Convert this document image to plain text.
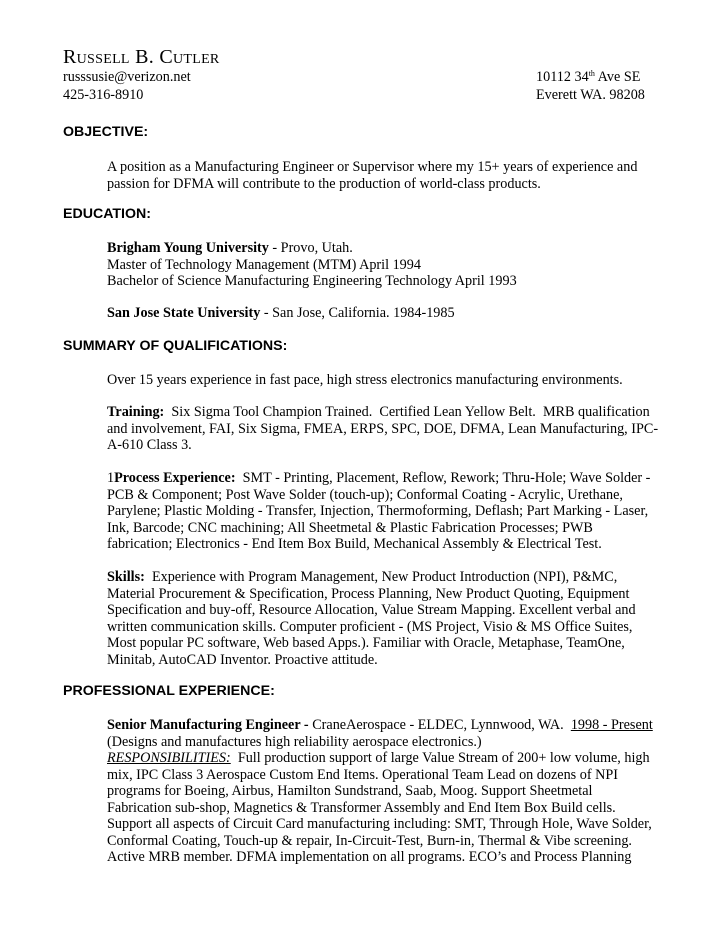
Russell B. Cutler
russsusie@verizon.net
425-316-8910
10112 34th Ave SE
Everett WA. 98208
OBJECTIVE:

A position as a Manufacturing Engineer or Supervisor where my 15+ years of experience and

passion for DFMA will contribute to the production of world-class products.

EDUCATION:

Brigham Young University - Provo, Utah.

Master of Technology Management (MTM) April 1994

Bachelor of Science Manufacturing Engineering Technology April 1993

San Jose State University - San Jose, California. 1984-1985

SUMMARY OF QUALIFICATIONS:

Over 15 years experience in fast pace, high stress electronics manufacturing environments.

Training:  Six Sigma Tool Champion Trained.  Certified Lean Yellow Belt.  MRB qualification

and involvement, FAI, Six Sigma, FMEA, ERPS, SPC, DOE, DFMA, Lean Manufacturing, IPC-

A-610 Class 3.

1Process Experience:  SMT - Printing, Placement, Reflow, Rework; Thru-Hole; Wave Solder -

PCB & Component; Post Wave Solder (touch-up); Conformal Coating - Acrylic, Urethane,

Parylene; Plastic Molding - Transfer, Injection, Thermoforming, Deflash; Part Marking - Laser,

Ink, Barcode; CNC machining; All Sheetmetal & Plastic Fabrication Processes; PWB

fabrication; Electronics - End Item Box Build, Mechanical Assembly & Electrical Test.

Skills:  Experience with Program Management, New Product Introduction (NPI), P&MC,

Material Procurement & Specification, Process Planning, New Product Quoting, Equipment

Specification and buy-off, Resource Allocation, Value Stream Mapping. Excellent verbal and

written communication skills. Computer proficient - (MS Project, Visio & MS Office Suites,

Most popular PC software, Web based Apps.). Familiar with Oracle, Metaphase, TeamOne,

Minitab, AutoCAD Inventor. Proactive attitude.

PROFESSIONAL EXPERIENCE:

Senior Manufacturing Engineer - CraneAerospace - ELDEC, Lynnwood, WA.  1998 - Present

(Designs and manufactures high reliability aerospace electronics.)

RESPONSIBILITIES:  Full production support of large Value Stream of 200+ low volume, high

mix, IPC Class 3 Aerospace Custom End Items. Operational Team Lead on dozens of NPI

programs for Boeing, Airbus, Hamilton Sundstrand, Saab, Moog. Support Sheetmetal

Fabrication sub-shop, Magnetics & Transformer Assembly and End Item Box Build cells.

Support all aspects of Circuit Card manufacturing including: SMT, Through Hole, Wave Solder,

Conformal Coating, Touch-up & repair, In-Circuit-Test, Burn-in, Thermal & Vibe screening.

Active MRB member. DFMA implementation on all programs. ECO’s and Process Planning
